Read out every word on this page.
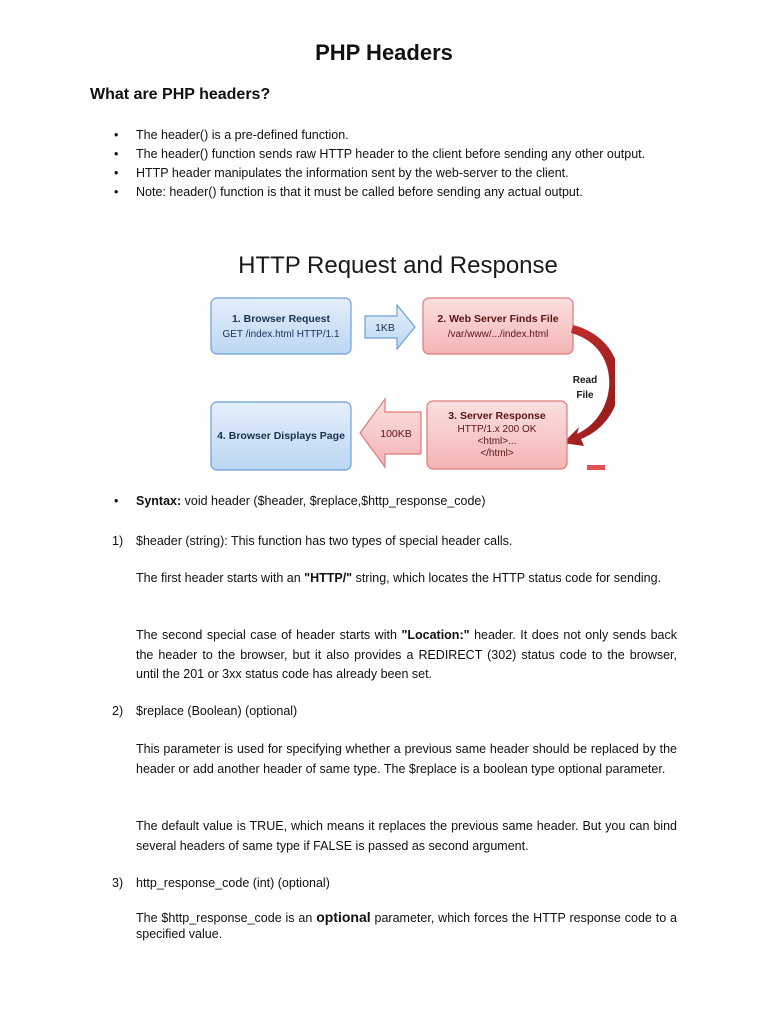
PHP Headers
What are PHP headers?
• The header() is a pre-defined function.
• The header() function sends raw HTTP header to the client before sending any other output.
• HTTP header manipulates the information sent by the web-server to the client.
• Note: header() function is that it must be called before sending any actual output.
HTTP Request and Response
1. Browser Request
GET /index.html HTTP/1.1
1KB
2. Web Server Finds File
/var/www/.../index.html
Read
File
3. Server Response
HTTP/1.x 200 OK
<html>...
</html>
100KB
4. Browser Displays Page
• Syntax: void header ($header, $replace,$http_response_code)

1) $header (string): This function has two types of special header calls.

The first header starts with an "HTTP/" string, which locates the HTTP status code for sending.

The second special case of header starts with "Location:" header. It does not only sends back the header to the browser, but it also provides a REDIRECT (302) status code to the browser, until the 201 or 3xx status code has already been set.

2) $replace (Boolean) (optional)

This parameter is used for specifying whether a previous same header should be replaced by the header or add another header of same type. The $replace is a boolean type optional parameter.

The default value is TRUE, which means it replaces the previous same header. But you can bind several headers of same type if FALSE is passed as second argument.

3) http_response_code (int) (optional)

The $http_response_code is an optional parameter, which forces the HTTP response code to a specified value.
